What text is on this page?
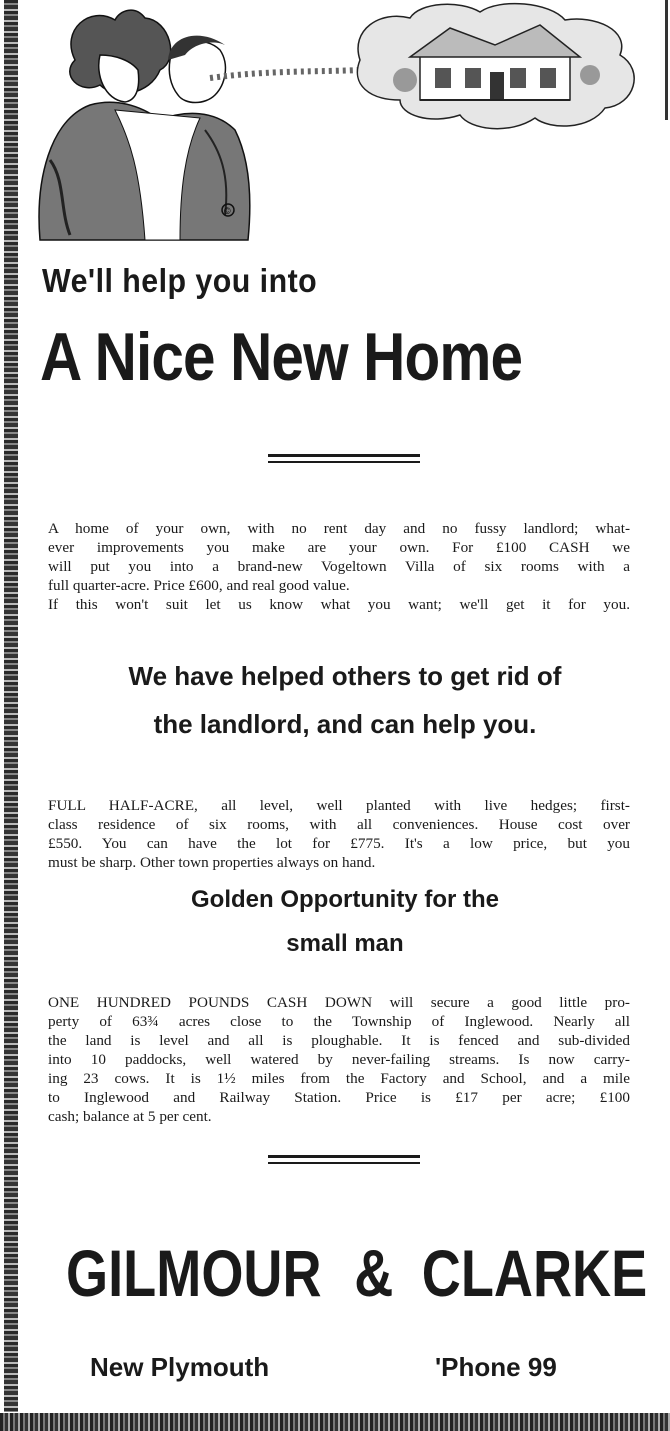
©
We'll help you into
A Nice New Home
A home of your own, with no rent day and no fussy landlord; what-
ever improvements you make are your own. For £100 CASH we
will put you into a brand-new Vogeltown Villa of six rooms with a
full quarter-acre. Price £600, and real good value.
If this won't suit let us know what you want; we'll get it for you.
We have helped others to get rid of
the landlord, and can help you.
FULL HALF-ACRE, all level, well planted with live hedges; first-
class residence of six rooms, with all conveniences. House cost over
£550. You can have the lot for £775. It's a low price, but you
must be sharp. Other town properties always on hand.
Golden Opportunity for the
small man
ONE HUNDRED POUNDS CASH DOWN will secure a good little pro-
perty of 63¾ acres close to the Township of Inglewood. Nearly all
the land is level and all is ploughable. It is fenced and sub-divided
into 10 paddocks, well watered by never-failing streams. Is now carry-
ing 23 cows. It is 1½ miles from the Factory and School, and a mile
to Inglewood and Railway Station. Price is £17 per acre; £100
cash; balance at 5 per cent.
GILMOUR & CLARKE
New Plymouth	'Phone 99
